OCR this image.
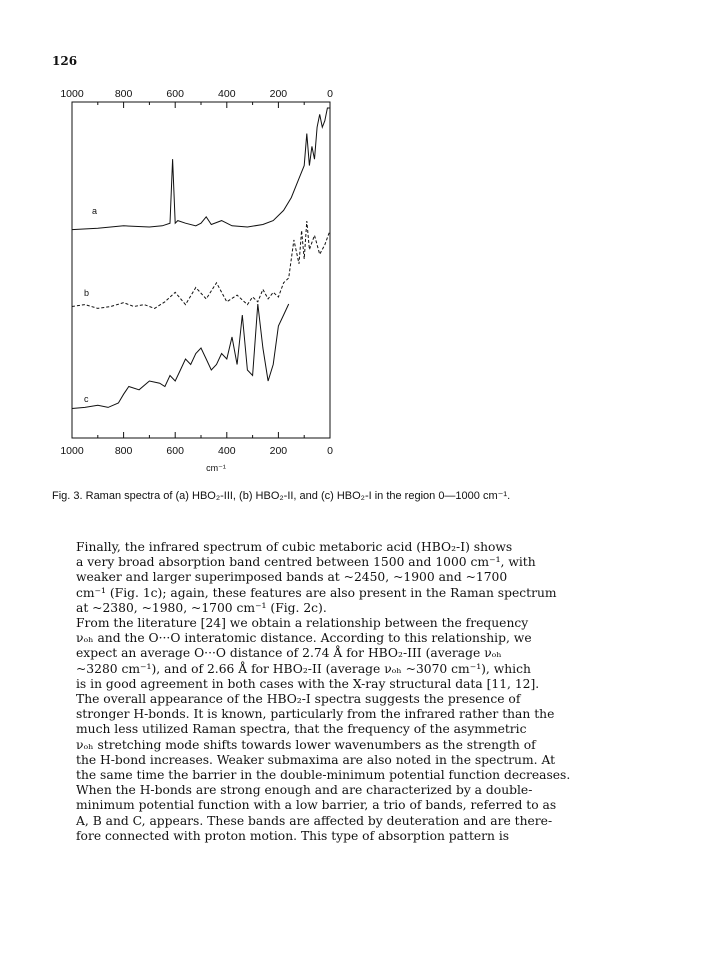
126
1000	800	600	400	200	0
1000	800	600	400	200	0
a
b
c
cm⁻¹
Fig. 3. Raman spectra of (a) HBO₂-III, (b) HBO₂-II, and (c) HBO₂-I in the region 0—1000 cm⁻¹.

Finally, the infrared spectrum of cubic metaboric acid (HBO₂-I) shows
a very broad absorption band centred between 1500 and 1000 cm⁻¹, with
weaker and larger superimposed bands at ~2450, ~1900 and ~1700
cm⁻¹ (Fig. 1c); again, these features are also present in the Raman spectrum
at ~2380, ~1980, ~1700 cm⁻¹ (Fig. 2c).

From the literature [24] we obtain a relationship between the frequency
νₒₕ and the O···O interatomic distance. According to this relationship, we
expect an average O···O distance of 2.74 Å for HBO₂-III (average νₒₕ
~3280 cm⁻¹), and of 2.66 Å for HBO₂-II (average νₒₕ ~3070 cm⁻¹), which
is in good agreement in both cases with the X-ray structural data [11, 12].

The overall appearance of the HBO₂-I spectra suggests the presence of
stronger H-bonds. It is known, particularly from the infrared rather than the
much less utilized Raman spectra, that the frequency of the asymmetric
νₒₕ stretching mode shifts towards lower wavenumbers as the strength of
the H-bond increases. Weaker submaxima are also noted in the spectrum. At
the same time the barrier in the double-minimum potential function decreases.
When the H-bonds are strong enough and are characterized by a double-
minimum potential function with a low barrier, a trio of bands, referred to as
A, B and C, appears. These bands are affected by deuteration and are there-
fore connected with proton motion. This type of absorption pattern is
